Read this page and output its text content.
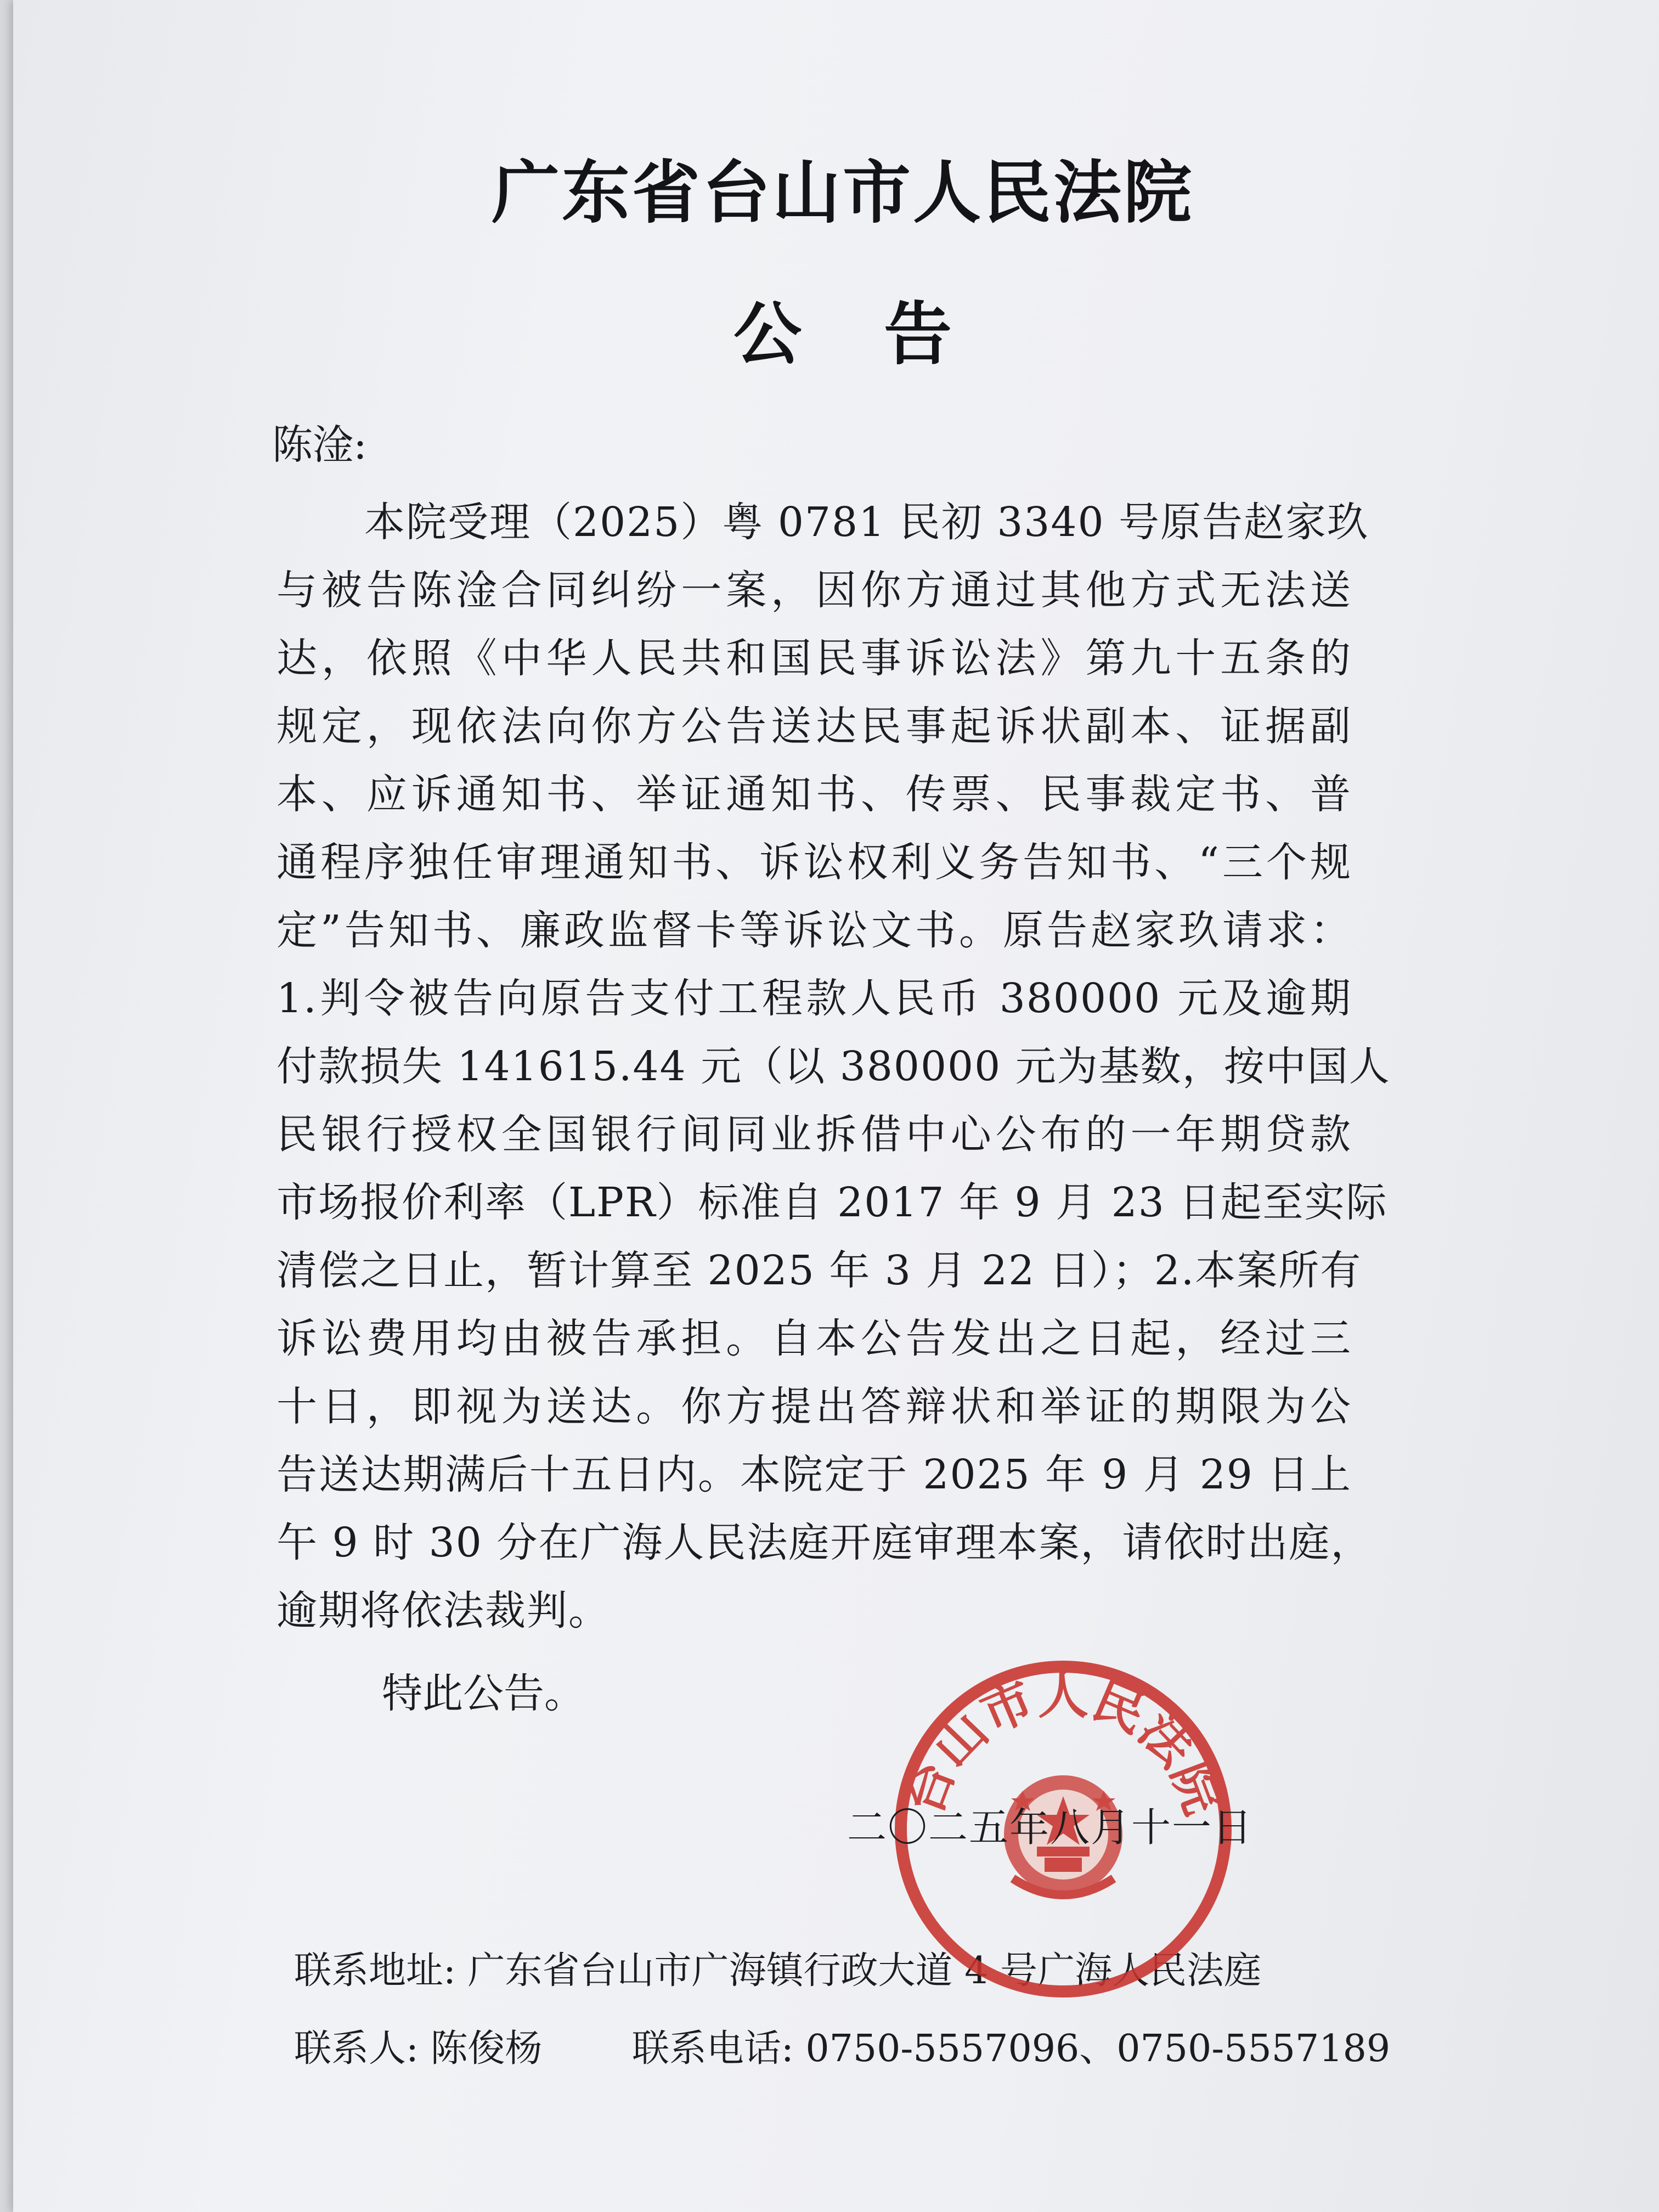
广东省台山市人民法院
公告
陈淦:
本院受理（2025）粤 0781 民初 3340 号原告赵家玖
与被告陈淦合同纠纷一案，因你方通过其他方式无法送
达，依照《中华人民共和国民事诉讼法》第九十五条的
规定，现依法向你方公告送达民事起诉状副本、证据副
本、应诉通知书、举证通知书、传票、民事裁定书、普
通程序独任审理通知书、诉讼权利义务告知书、“三个规
定”告知书、廉政监督卡等诉讼文书。原告赵家玖请求：
1.判令被告向原告支付工程款人民币 380000 元及逾期
付款损失 141615.44 元（以 380000 元为基数，按中国人
民银行授权全国银行间同业拆借中心公布的一年期贷款
市场报价利率（LPR）标准自 2017 年 9 月 23 日起至实际
清偿之日止，暂计算至 2025 年 3 月 22 日）；2.本案所有
诉讼费用均由被告承担。自本公告发出之日起，经过三
十日，即视为送达。你方提出答辩状和举证的期限为公
告送达期满后十五日内。本院定于 2025 年 9 月 29 日上
午 9 时 30 分在广海人民法庭开庭审理本案，请依时出庭，
逾期将依法裁判。
特此公告。
台山市人民法院
二〇二五年八月十一日
联系地址: 广东省台山市广海镇行政大道 4 号广海人民法庭
联系人: 陈俊杨 联系电话: 0750-5557096、0750-5557189
